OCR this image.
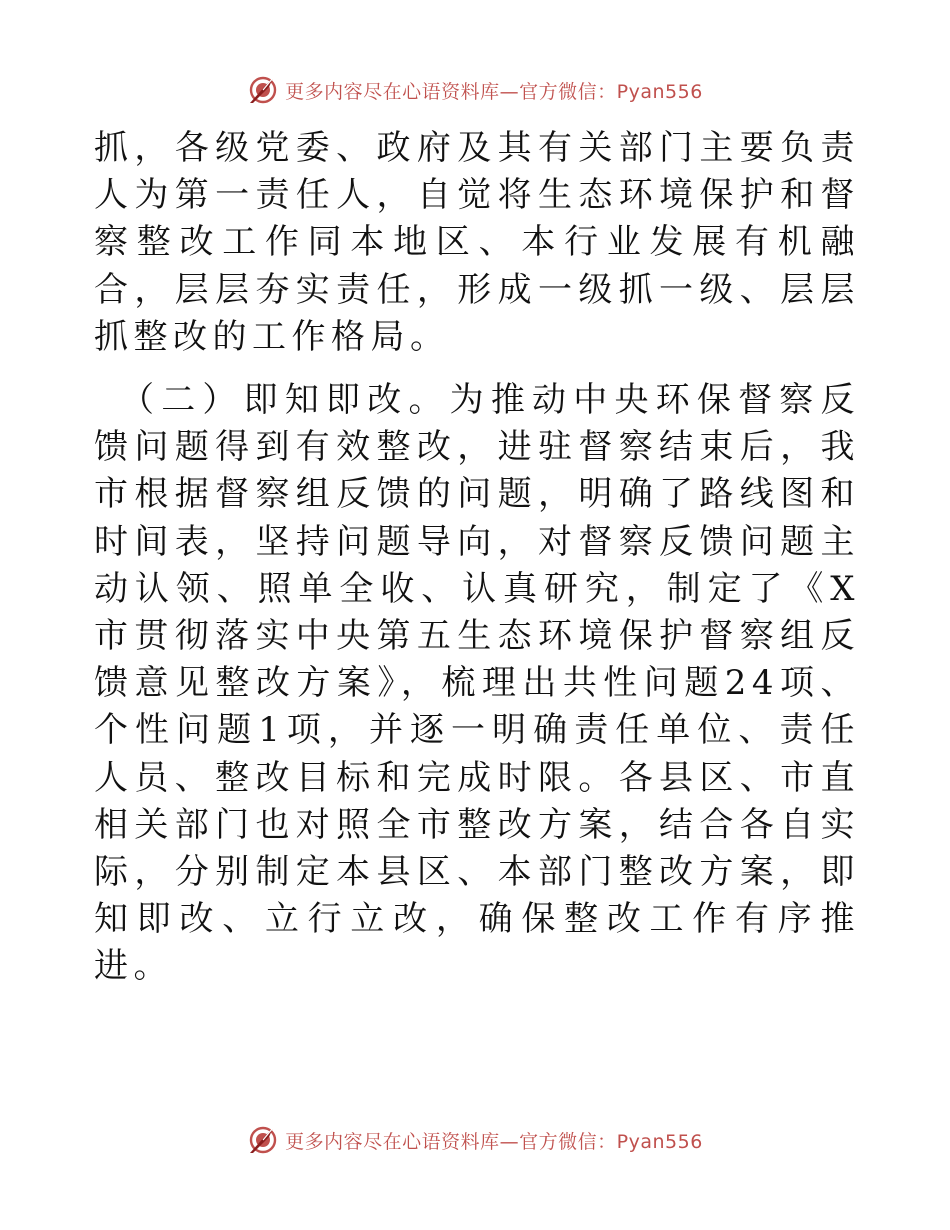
更多内容尽在心语资料库—官方微信：Pyan556

抓，各级党委、政府及其有关部门主要负责人为第一责任人，自觉将生态环境保护和督察整改工作同本地区、本行业发展有机融合，层层夯实责任，形成一级抓一级、层层抓整改的工作格局。

（二）即知即改。为推动中央环保督察反馈问题得到有效整改，进驻督察结束后，我市根据督察组反馈的问题，明确了路线图和时间表，坚持问题导向，对督察反馈问题主动认领、照单全收、认真研究，制定了《X市贯彻落实中央第五生态环境保护督察组反馈意见整改方案》，梳理出共性问题24项、个性问题1项，并逐一明确责任单位、责任人员、整改目标和完成时限。各县区、市直相关部门也对照全市整改方案，结合各自实际，分别制定本县区、本部门整改方案，即知即改、立行立改，确保整改工作有序推进。

更多内容尽在心语资料库—官方微信：Pyan556
